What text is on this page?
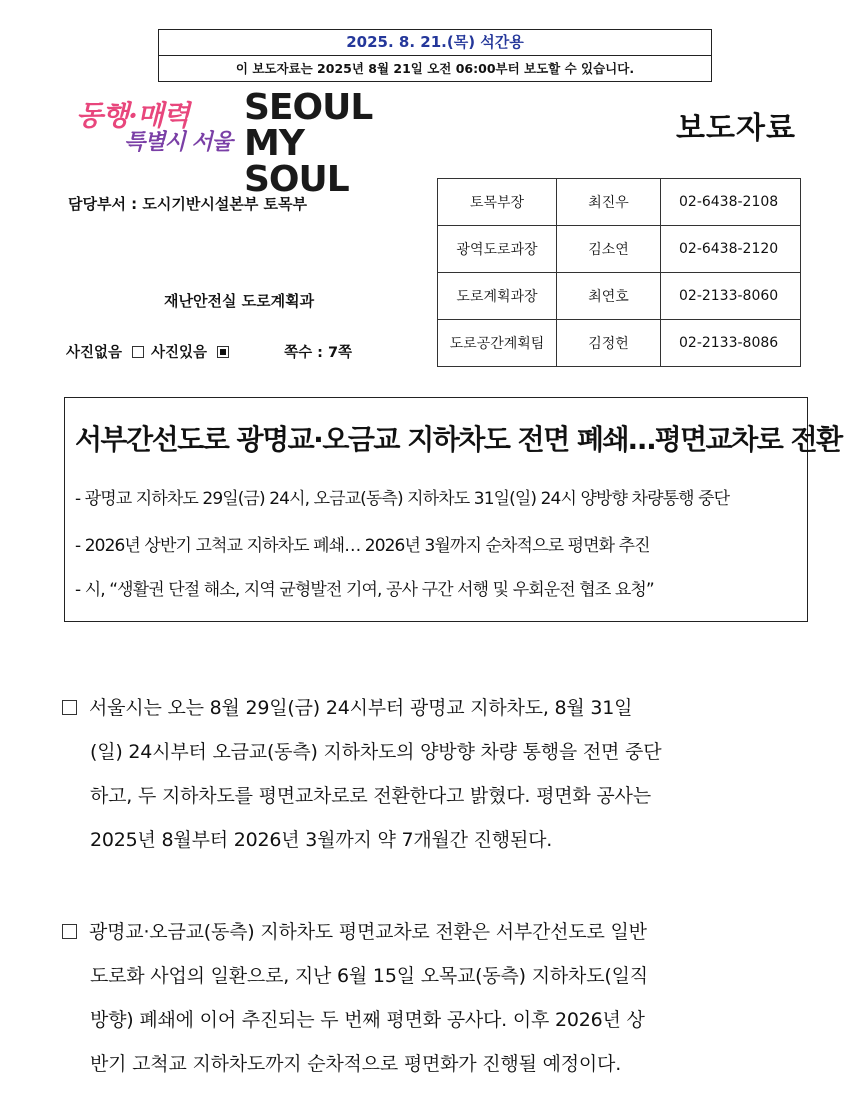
2025. 8. 21.(목) 석간용
이 보도자료는 2025년 8월 21일 오전 06:00부터 보도할 수 있습니다.
동행·매력
특별시 서울
SEOUL
MY SOUL
보도자료
담당부서 : 도시기반시설본부 토목부
재난안전실 도로계획과
사진없음 사진있음	쪽수 : 7쪽
토목부장	최진우	02-6438-2108
광역도로과장	김소연	02-6438-2120
도로계획과장	최연호	02-2133-8060
도로공간계획팀	김정헌	02-2133-8086
서부간선도로 광명교·오금교 지하차도 전면 폐쇄…평면교차로 전환
- 광명교 지하차도 29일(금) 24시, 오금교(동측) 지하차도 31일(일) 24시 양방향 차량통행 중단
- 2026년 상반기 고척교 지하차도 폐쇄… 2026년 3월까지 순차적으로 평면화 추진
- 시, “생활권 단절 해소, 지역 균형발전 기여, 공사 구간 서행 및 우회운전 협조 요청”
서울시는 오는 8월 29일(금) 24시부터 광명교 지하차도, 8월 31일
(일) 24시부터 오금교(동측) 지하차도의 양방향 차량 통행을 전면 중단
하고, 두 지하차도를 평면교차로로 전환한다고 밝혔다. 평면화 공사는
2025년 8월부터 2026년 3월까지 약 7개월간 진행된다.
광명교·오금교(동측) 지하차도 평면교차로 전환은 서부간선도로 일반
도로화 사업의 일환으로, 지난 6월 15일 오목교(동측) 지하차도(일직
방향) 폐쇄에 이어 추진되는 두 번째 평면화 공사다. 이후 2026년 상
반기 고척교 지하차도까지 순차적으로 평면화가 진행될 예정이다.
